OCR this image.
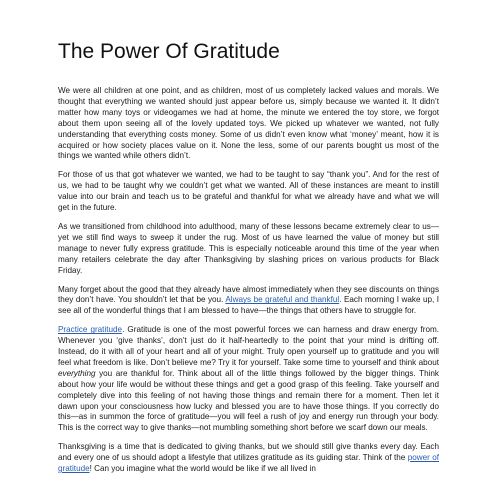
The Power Of Gratitude

We were all children at one point, and as children, most of us completely lacked values and morals. We thought that everything we wanted should just appear before us, simply because we wanted it. It didn’t matter how many toys or videogames we had at home, the minute we entered the toy store, we forgot about them upon seeing all of the lovely updated toys. We picked up whatever we wanted, not fully understanding that everything costs money. Some of us didn’t even know what ‘money’ meant, how it is acquired or how society places value on it. None the less, some of our parents bought us most of the things we wanted while others didn’t.

For those of us that got whatever we wanted, we had to be taught to say “thank you”. And for the rest of us, we had to be taught why we couldn’t get what we wanted. All of these instances are meant to instill value into our brain and teach us to be grateful and thankful for what we already have and what we will get in the future.

As we transitioned from childhood into adulthood, many of these lessons became extremely clear to us—yet we still find ways to sweep it under the rug. Most of us have learned the value of money but still manage to never fully express gratitude. This is especially noticeable around this time of the year when many retailers celebrate the day after Thanksgiving by slashing prices on various products for Black Friday.

Many forget about the good that they already have almost immediately when they see discounts on things they don’t have. You shouldn’t let that be you. Always be grateful and thankful. Each morning I wake up, I see all of the wonderful things that I am blessed to have—the things that others have to struggle for.

Practice gratitude. Gratitude is one of the most powerful forces we can harness and draw energy from. Whenever you ‘give thanks’, don’t just do it half-heartedly to the point that your mind is drifting off. Instead, do it with all of your heart and all of your might. Truly open yourself up to gratitude and you will feel what freedom is like. Don’t believe me? Try it for yourself. Take some time to yourself and think about everything you are thankful for. Think about all of the little things followed by the bigger things. Think about how your life would be without these things and get a good grasp of this feeling. Take yourself and completely dive into this feeling of not having those things and remain there for a moment. Then let it dawn upon your consciousness how lucky and blessed you are to have those things. If you correctly do this—as in summon the force of gratitude—you will feel a rush of joy and energy run through your body. This is the correct way to give thanks—not mumbling something short before we scarf down our meals.

Thanksgiving is a time that is dedicated to giving thanks, but we should still give thanks every day. Each and every one of us should adopt a lifestyle that utilizes gratitude as its guiding star. Think of the power of gratitude! Can you imagine what the world would be like if we all lived in
